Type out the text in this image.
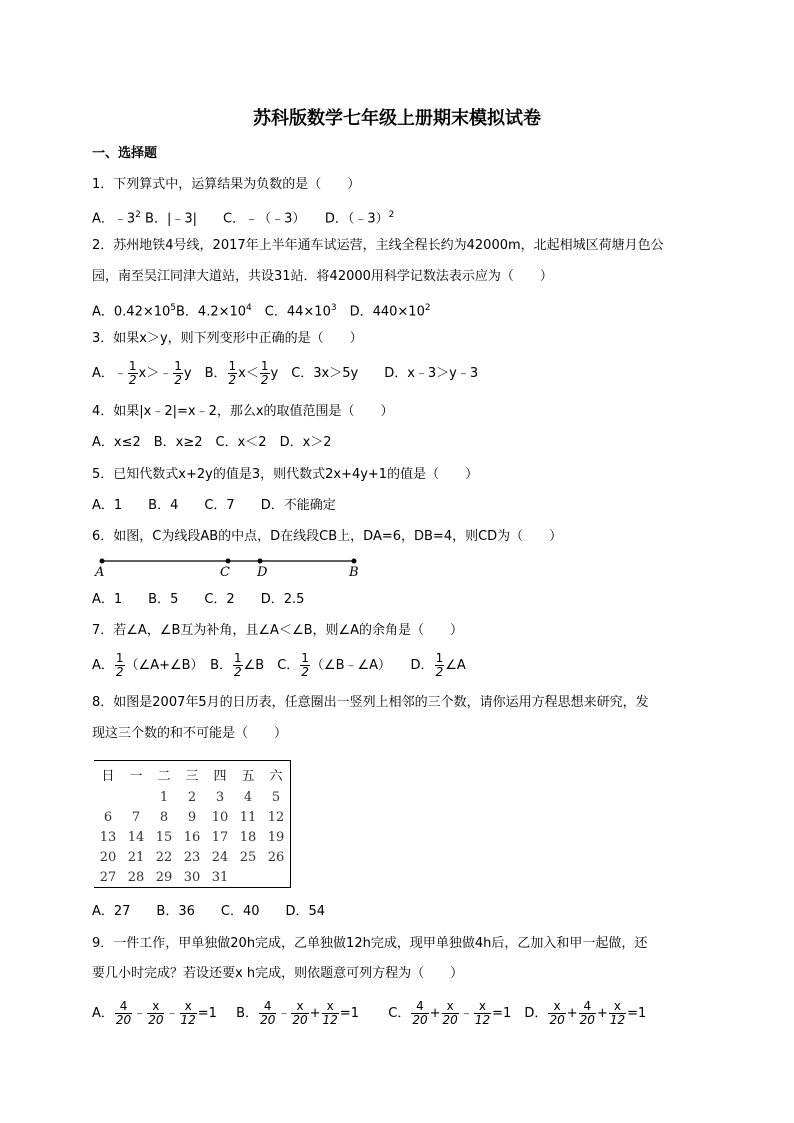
苏科版数学七年级上册期末模拟试卷
一、选择题
1．下列算式中，运算结果为负数的是（　　）
A．$﹣3^2$ B．|﹣3|　　C．﹣（﹣3）　　D．（﹣3）$^2$
2．苏州地铁4号线，2017年上半年通车试运营，主线全程长约为42000m，北起相城区荷塘月色公
园，南至吴江同津大道站，共设31站．将42000用科学记数法表示应为（　　）
A．$0.42\times 10^5B$．$4.2\times 10^4$　C．$44\times 10^3$　D．$440\times 10^2$
3．如果x＞y，则下列变形中正确的是（　　）
A．﹣ $\frac{1}{2}$ x＞﹣ $\frac{1}{2}$ y　B． $\frac{1}{2} x< \frac{1}{2}$ y　C．3x＞5y　　D．x﹣3＞y﹣3
4．如果|x﹣2|=x﹣2，那么x的取值范围是（　　）
A．x≤2　B．x≥2　C．x＜2　D．x＞2
5．已知代数式x+2y的值是3，则代数式2x+4y+1的值是（　　）
A．1　　B．4　　C．7　　D．不能确定
6．如图，C为线段AB的中点，D在线段CB上，DA=6，DB=4，则CD为（　　）
A	C D	B
A．1　　B．5　　C．2　　D．2.5
7．若∠A，∠B互为补角，且∠A＜∠B，则∠A的余角是（　　）
A． $\frac{1}{2}$ （∠A+∠B）　B． $\frac{1}{2}$ ∠B　C． $\frac{1}{2}$ （∠B﹣∠A）　　D． $\frac{1}{2}$ ∠A
8．如图是2007年5月的日历表，任意圈出一竖列上相邻的三个数，请你运用方程思想来研究，发
现这三个数的和不可能是（　　）
日	一	二	三	四	五	六
		1	2	3	4	5
6	7	8	9	10	11	12
13	14	15	16	17	18	19
20	21	22	23	24	25	26
27	28	29	30	31		
A．27　　B．36　　C．40　　D．54
9．一件工作，甲单独做20h完成，乙单独做12h完成，现甲单独做4h后，乙加入和甲一起做，还
要几小时完成？若设还要x h完成，则依题意可列方程为（　　）
A． $\frac{4}{20}$ ﹣ $\frac{x}{20}$ ﹣ $\frac{x}{12} =1$ B． $\frac{4}{20}$ ﹣ $\frac{x}{20} + \frac{x}{12} =1$ C． $\frac{4}{20} + \frac{x}{20}$ ﹣ $\frac{x}{12} =1$ D． $\frac{x}{20} + \frac{4}{20} + \frac{x}{12} =1$
